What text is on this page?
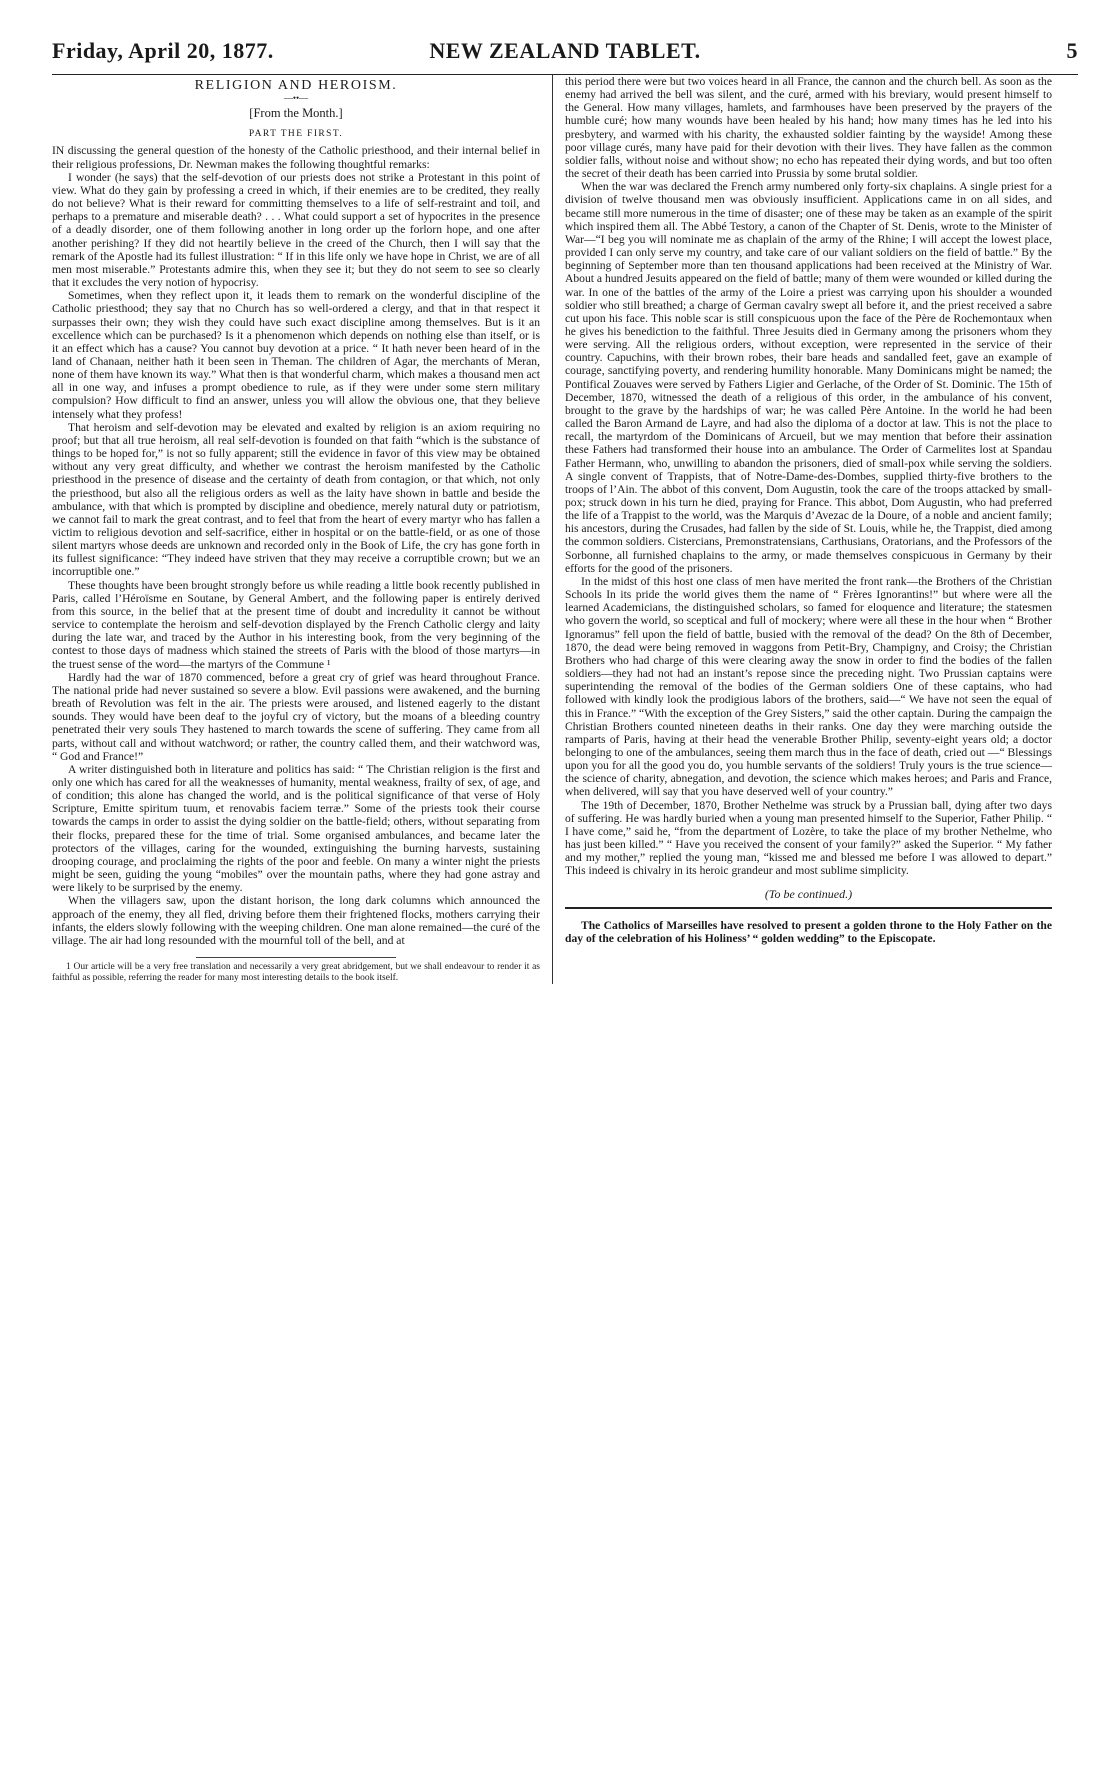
Friday, April 20, 1877.	NEW ZEALAND TABLET.	5
RELIGION AND HEROISM.
—••—
[From the Month.]
PART THE FIRST.

IN discussing the general question of the honesty of the Catholic priesthood, and their internal belief in their religious professions, Dr. Newman makes the following thoughtful remarks:

I wonder (he says) that the self-devotion of our priests does not strike a Protestant in this point of view. What do they gain by professing a creed in which, if their enemies are to be credited, they really do not believe? What is their reward for committing themselves to a life of self-restraint and toil, and perhaps to a premature and miserable death? . . . What could support a set of hypocrites in the presence of a deadly disorder, one of them following another in long order up the forlorn hope, and one after another perishing? If they did not heartily believe in the creed of the Church, then I will say that the remark of the Apostle had its fullest illustration: “ If in this life only we have hope in Christ, we are of all men most miserable.” Protestants admire this, when they see it; but they do not seem to see so clearly that it excludes the very notion of hypocrisy.

Sometimes, when they reflect upon it, it leads them to remark on the wonderful discipline of the Catholic priesthood; they say that no Church has so well-ordered a clergy, and that in that respect it surpasses their own; they wish they could have such exact discipline among themselves. But is it an excellence which can be purchased? Is it a phenomenon which depends on nothing else than itself, or is it an effect which has a cause? You cannot buy devotion at a price. “ It hath never been heard of in the land of Chanaan, neither hath it been seen in Theman. The children of Agar, the merchants of Meran, none of them have known its way.” What then is that wonderful charm, which makes a thousand men act all in one way, and infuses a prompt obedience to rule, as if they were under some stern military compulsion? How difficult to find an answer, unless you will allow the obvious one, that they believe intensely what they profess!

That heroism and self-devotion may be elevated and exalted by religion is an axiom requiring no proof; but that all true heroism, all real self-devotion is founded on that faith “which is the substance of things to be hoped for,” is not so fully apparent; still the evidence in favor of this view may be obtained without any very great difficulty, and whether we contrast the heroism manifested by the Catholic priesthood in the presence of disease and the certainty of death from contagion, or that which, not only the priesthood, but also all the religious orders as well as the laity have shown in battle and beside the ambulance, with that which is prompted by discipline and obedience, merely natural duty or patriotism, we cannot fail to mark the great contrast, and to feel that from the heart of every martyr who has fallen a victim to religious devotion and self-sacrifice, either in hospital or on the battle-field, or as one of those silent martyrs whose deeds are unknown and recorded only in the Book of Life, the cry has gone forth in its fullest significance: “They indeed have striven that they may receive a corruptible crown; but we an incorruptible one.”

These thoughts have been brought strongly before us while reading a little book recently published in Paris, called l’Héroïsme en Soutane, by General Ambert, and the following paper is entirely derived from this source, in the belief that at the present time of doubt and incredulity it cannot be without service to contemplate the heroism and self-devotion displayed by the French Catholic clergy and laity during the late war, and traced by the Author in his interesting book, from the very beginning of the contest to those days of madness which stained the streets of Paris with the blood of those martyrs—in the truest sense of the word—the martyrs of the Commune ¹

Hardly had the war of 1870 commenced, before a great cry of grief was heard throughout France. The national pride had never sustained so severe a blow. Evil passions were awakened, and the burning breath of Revolution was felt in the air. The priests were aroused, and listened eagerly to the distant sounds. They would have been deaf to the joyful cry of victory, but the moans of a bleeding country penetrated their very souls They hastened to march towards the scene of suffering. They came from all parts, without call and without watchword; or rather, the country called them, and their watchword was, “ God and France!”

A writer distinguished both in literature and politics has said: “ The Christian religion is the first and only one which has cared for all the weaknesses of humanity, mental weakness, frailty of sex, of age, and of condition; this alone has changed the world, and is the political significance of that verse of Holy Scripture, Emitte spiritum tuum, et renovabis faciem terræ.” Some of the priests took their course towards the camps in order to assist the dying soldier on the battle-field; others, without separating from their flocks, prepared these for the time of trial. Some organised ambulances, and became later the protectors of the villages, caring for the wounded, extinguishing the burning harvests, sustaining drooping courage, and proclaiming the rights of the poor and feeble. On many a winter night the priests might be seen, guiding the young “mobiles” over the mountain paths, where they had gone astray and were likely to be surprised by the enemy.

When the villagers saw, upon the distant horison, the long dark columns which announced the approach of the enemy, they all fled, driving before them their frightened flocks, mothers carrying their infants, the elders slowly following with the weeping children. One man alone remained—the curé of the village. The air had long resounded with the mournful toll of the bell, and at

1 Our article will be a very free translation and necessarily a very great abridgement, but we shall endeavour to render it as faithful as possible, referring the reader for many most interesting details to the book itself.

this period there were but two voices heard in all France, the cannon and the church bell. As soon as the enemy had arrived the bell was silent, and the curé, armed with his breviary, would present himself to the General. How many villages, hamlets, and farmhouses have been preserved by the prayers of the humble curé; how many wounds have been healed by his hand; how many times has he led into his presbytery, and warmed with his charity, the exhausted soldier fainting by the wayside! Among these poor village curés, many have paid for their devotion with their lives. They have fallen as the common soldier falls, without noise and without show; no echo has repeated their dying words, and but too often the secret of their death has been carried into Prussia by some brutal soldier.

When the war was declared the French army numbered only forty-six chaplains. A single priest for a division of twelve thousand men was obviously insufficient. Applications came in on all sides, and became still more numerous in the time of disaster; one of these may be taken as an example of the spirit which inspired them all. The Abbé Testory, a canon of the Chapter of St. Denis, wrote to the Minister of War—“I beg you will nominate me as chaplain of the army of the Rhine; I will accept the lowest place, provided I can only serve my country, and take care of our valiant soldiers on the field of battle.” By the beginning of September more than ten thousand applications had been received at the Ministry of War. About a hundred Jesuits appeared on the field of battle; many of them were wounded or killed during the war. In one of the battles of the army of the Loire a priest was carrying upon his shoulder a wounded soldier who still breathed; a charge of German cavalry swept all before it, and the priest received a sabre cut upon his face. This noble scar is still conspicuous upon the face of the Père de Rochemontaux when he gives his benediction to the faithful. Three Jesuits died in Germany among the prisoners whom they were serving. All the religious orders, without exception, were represented in the service of their country. Capuchins, with their brown robes, their bare heads and sandalled feet, gave an example of courage, sanctifying poverty, and rendering humility honorable. Many Dominicans might be named; the Pontifical Zouaves were served by Fathers Ligier and Gerlache, of the Order of St. Dominic. The 15th of December, 1870, witnessed the death of a religious of this order, in the ambulance of his convent, brought to the grave by the hardships of war; he was called Père Antoine. In the world he had been called the Baron Armand de Layre, and had also the diploma of a doctor at law. This is not the place to recall, the martyrdom of the Dominicans of Arcueil, but we may mention that before their assination these Fathers had transformed their house into an ambulance. The Order of Carmelites lost at Spandau Father Hermann, who, unwilling to abandon the prisoners, died of small-pox while serving the soldiers. A single convent of Trappists, that of Notre-Dame-des-Dombes, supplied thirty-five brothers to the troops of l’Ain. The abbot of this convent, Dom Augustin, took the care of the troops attacked by small-pox; struck down in his turn he died, praying for France. This abbot, Dom Augustin, who had preferred the life of a Trappist to the world, was the Marquis d’Avezac de la Doure, of a noble and ancient family; his ancestors, during the Crusades, had fallen by the side of St. Louis, while he, the Trappist, died among the common soldiers. Cistercians, Premonstratensians, Carthusians, Oratorians, and the Professors of the Sorbonne, all furnished chaplains to the army, or made themselves conspicuous in Germany by their efforts for the good of the prisoners.

In the midst of this host one class of men have merited the front rank—the Brothers of the Christian Schools In its pride the world gives them the name of “ Frères Ignorantins!” but where were all the learned Academicians, the distinguished scholars, so famed for eloquence and literature; the statesmen who govern the world, so sceptical and full of mockery; where were all these in the hour when “ Brother Ignoramus” fell upon the field of battle, busied with the removal of the dead? On the 8th of December, 1870, the dead were being removed in waggons from Petit-Bry, Champigny, and Croisy; the Christian Brothers who had charge of this were clearing away the snow in order to find the bodies of the fallen soldiers—they had not had an instant’s repose since the preceding night. Two Prussian captains were superintending the removal of the bodies of the German soldiers One of these captains, who had followed with kindly look the prodigious labors of the brothers, said—“ We have not seen the equal of this in France.” “With the exception of the Grey Sisters,” said the other captain. During the campaign the Christian Brothers counted nineteen deaths in their ranks. One day they were marching outside the ramparts of Paris, having at their head the venerable Brother Philip, seventy-eight years old; a doctor belonging to one of the ambulances, seeing them march thus in the face of death, cried out —“ Blessings upon you for all the good you do, you humble servants of the soldiers! Truly yours is the true science—the science of charity, abnegation, and devotion, the science which makes heroes; and Paris and France, when delivered, will say that you have deserved well of your country.”

The 19th of December, 1870, Brother Nethelme was struck by a Prussian ball, dying after two days of suffering. He was hardly buried when a young man presented himself to the Superior, Father Philip. “ I have come,” said he, “from the department of Lozère, to take the place of my brother Nethelme, who has just been killed.” “ Have you received the consent of your family?” asked the Superior. “ My father and my mother,” replied the young man, “kissed me and blessed me before I was allowed to depart.” This indeed is chivalry in its heroic grandeur and most sublime simplicity.

(To be continued.)

The Catholics of Marseilles have resolved to present a golden throne to the Holy Father on the day of the celebration of his Holiness’ “ golden wedding” to the Episcopate.
